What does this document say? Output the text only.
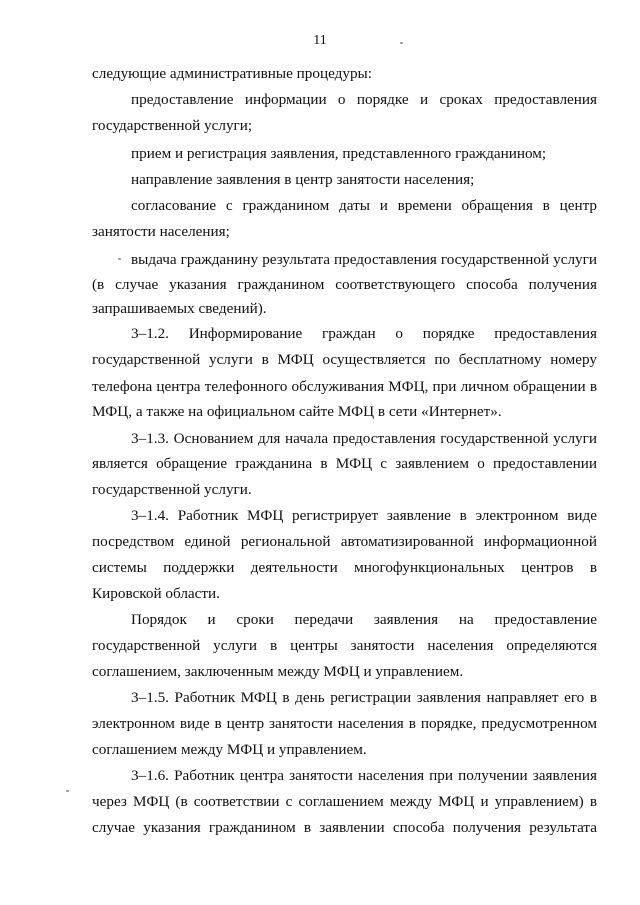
11
следующие административные процедуры:
предоставление информации о порядке и сроках предоставления
государственной услуги;
прием и регистрация заявления, представленного гражданином;
направление заявления в центр занятости населения;
согласование с гражданином даты и времени обращения в центр
занятости населения;
выдача гражданину результата предоставления государственной услуги
(в случае указания гражданином соответствующего способа получения
запрашиваемых сведений).
3–1.2. Информирование граждан о порядке предоставления
государственной услуги в МФЦ осуществляется по бесплатному номеру
телефона центра телефонного обслуживания МФЦ, при личном обращении в
МФЦ, а также на официальном сайте МФЦ в сети «Интернет».
3–1.3. Основанием для начала предоставления государственной услуги
является обращение гражданина в МФЦ с заявлением о предоставлении
государственной услуги.
3–1.4. Работник МФЦ регистрирует заявление в электронном виде
посредством единой региональной автоматизированной информационной
системы поддержки деятельности многофункциональных центров в
Кировской области.
Порядок и сроки передачи заявления на предоставление
государственной услуги в центры занятости населения определяются
соглашением, заключенным между МФЦ и управлением.
3–1.5. Работник МФЦ в день регистрации заявления направляет его в
электронном виде в центр занятости населения в порядке, предусмотренном
соглашением между МФЦ и управлением.
3–1.6. Работник центра занятости населения при получении заявления
через МФЦ (в соответствии с соглашением между МФЦ и управлением) в
случае указания гражданином в заявлении способа получения результата
